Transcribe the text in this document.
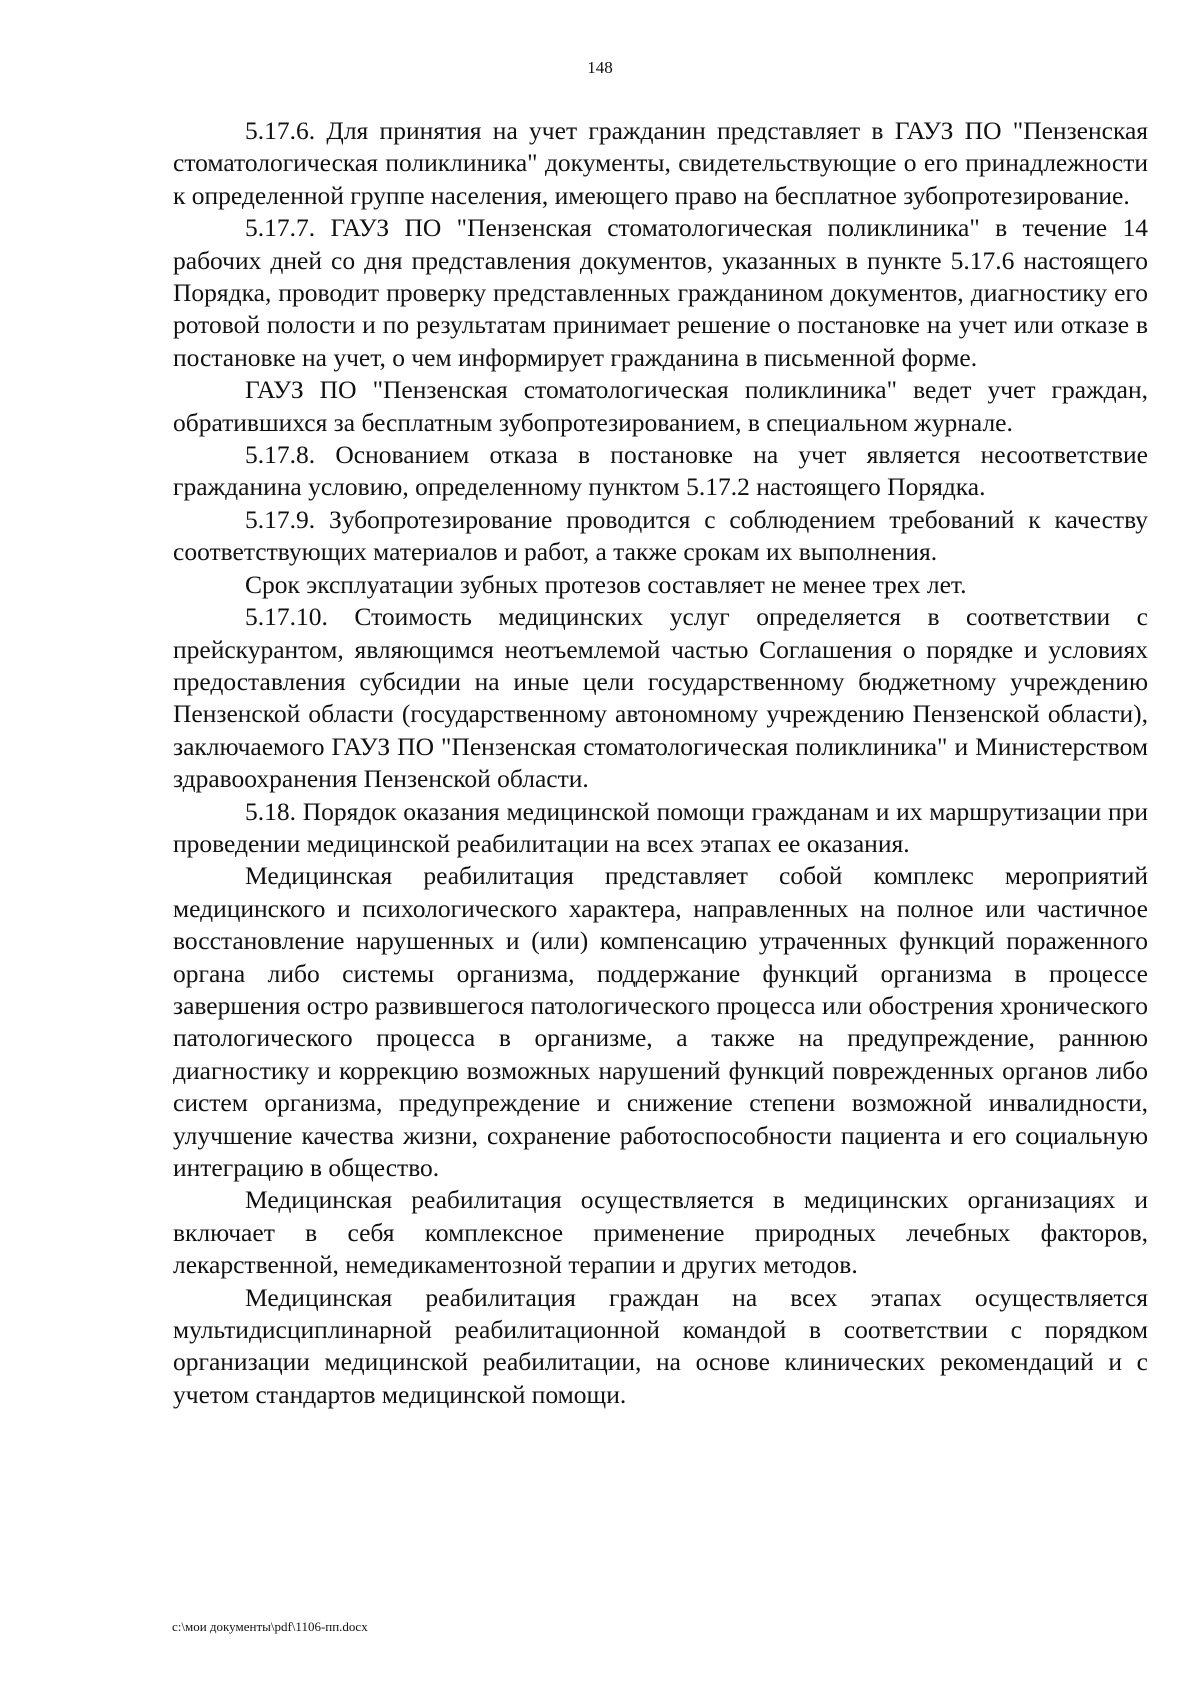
148

5.17.6. Для принятия на учет гражданин представляет в ГАУЗ ПО "Пензенская стоматологическая поликлиника" документы, свидетельствующие о его принадлежности к определенной группе населения, имеющего право на бесплатное зубопротезирование.

5.17.7. ГАУЗ ПО "Пензенская стоматологическая поликлиника" в течение 14 рабочих дней со дня представления документов, указанных в пункте 5.17.6 настоящего Порядка, проводит проверку представленных гражданином документов, диагностику его ротовой полости и по результатам принимает решение о постановке на учет или отказе в постановке на учет, о чем информирует гражданина в письменной форме.

ГАУЗ ПО "Пензенская стоматологическая поликлиника" ведет учет граждан, обратившихся за бесплатным зубопротезированием, в специальном журнале.

5.17.8. Основанием отказа в постановке на учет является несоответствие гражданина условию, определенному пунктом 5.17.2 настоящего Порядка.

5.17.9. Зубопротезирование проводится с соблюдением требований к качеству соответствующих материалов и работ, а также срокам их выполнения.

Срок эксплуатации зубных протезов составляет не менее трех лет.

5.17.10. Стоимость медицинских услуг определяется в соответствии с прейскурантом, являющимся неотъемлемой частью Соглашения о порядке и условиях предоставления субсидии на иные цели государственному бюджетному учреждению Пензенской области (государственному автономному учреждению Пензенской области), заключаемого ГАУЗ ПО "Пензенская стоматологическая поликлиника" и Министерством здравоохранения Пензенской области.

5.18. Порядок оказания медицинской помощи гражданам и их маршрутизации при проведении медицинской реабилитации на всех этапах ее оказания.

Медицинская реабилитация представляет собой комплекс мероприятий медицинского и психологического характера, направленных на полное или частичное восстановление нарушенных и (или) компенсацию утраченных функций пораженного органа либо системы организма, поддержание функций организма в процессе завершения остро развившегося патологического процесса или обострения хронического патологического процесса в организме, а также на предупреждение, раннюю диагностику и коррекцию возможных нарушений функций поврежденных органов либо систем организма, предупреждение и снижение степени возможной инвалидности, улучшение качества жизни, сохранение работоспособности пациента и его социальную интеграцию в общество.

Медицинская реабилитация осуществляется в медицинских организациях и включает в себя комплексное применение природных лечебных факторов, лекарственной, немедикаментозной терапии и других методов.

Медицинская реабилитация граждан на всех этапах осуществляется мультидисциплинарной реабилитационной командой в соответствии с порядком организации медицинской реабилитации, на основе клинических рекомендаций и с учетом стандартов медицинской помощи.

c:\мои документы\pdf\1106-пп.docx
